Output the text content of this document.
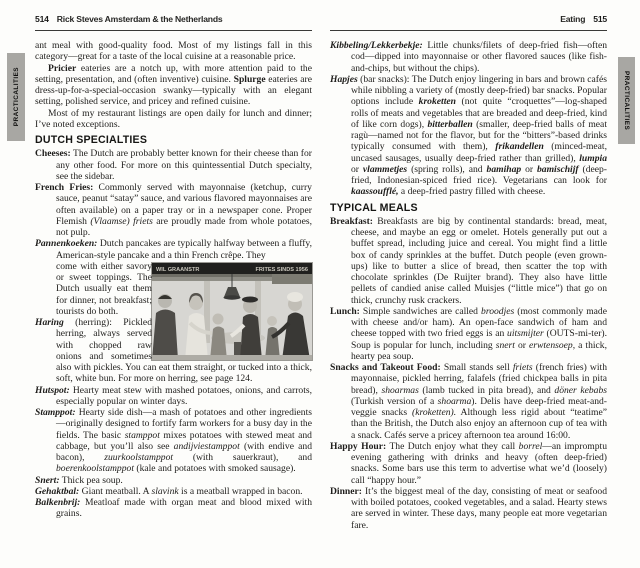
PRACTICALITIES	PRACTICALITIES
514 Rick Steves Amsterdam & the Netherlands

ant meal with good-quality food. Most of my listings fall in this category—great for a taste of the local cuisine at a reasonable price.

Pricier eateries are a notch up, with more attention paid to the setting, presentation, and (often inventive) cuisine. Splurge eateries are dress-up-for-a-special-occasion swanky—typically with an elegant setting, polished service, and pricey and refined cuisine.

Most of my restaurant listings are open daily for lunch and dinner; I’ve noted exceptions.

DUTCH SPECIALTIES

Cheeses: The Dutch are probably better known for their cheese than for any other food. For more on this quintessential Dutch specialty, see the sidebar.

French Fries: Commonly served with mayonnaise (ketchup, curry sauce, peanut “satay” sauce, and various flavored mayonnaises are often available) on a paper tray or in a newspaper cone. Proper Flemish (Vlaamse) friets are proudly made from whole potatoes, not pulp.

Pannenkoeken: Dutch pancakes are typically halfway between a fluffy, American-style pancake and a thin French crêpe. They

WIL GRAANSTR	FRITES SINDS 1956

come with either savory or sweet toppings. The Dutch usually eat them for dinner, not breakfast; tourists do both.

Haring (herring): Pickled herring, always served with chopped raw onions and sometimes also with pickles. You can eat them straight, or tucked into a thick, soft, white bun. For more on herring, see page 124.

Hutspot: Hearty meat stew with mashed potatoes, onions, and carrots, especially popular on winter days.

Stamppot: Hearty side dish—a mash of potatoes and other ingredients—originally designed to fortify farm workers for a busy day in the fields. The basic stamppot mixes potatoes with stewed meat and cabbage, but you’ll also see andijviestamppot (with endive and bacon), zuurkoolstamppot (with sauerkraut), and boerenkoolstamppot (kale and potatoes with smoked sausage).

Snert: Thick pea soup.

Gehaktbal: Giant meatball. A slavink is a meatball wrapped in bacon.

Balkenbrij: Meatloaf made with organ meat and blood mixed with grains.

Eating 515

Kibbeling/Lekkerbekje: Little chunks/filets of deep-fried fish—often cod—dipped into mayonnaise or other flavored sauces (like fish-and-chips, but without the chips).

Hapjes (bar snacks): The Dutch enjoy lingering in bars and brown cafés while nibbling a variety of (mostly deep-fried) bar snacks. Popular options include kroketten (not quite “croquettes”—log-shaped rolls of meats and vegetables that are breaded and deep-fried, kind of like corn dogs), bitterballen (smaller, deep-fried balls of meat ragù—named not for the flavor, but for the “bitters”-based drinks typically consumed with them), frikandellen (minced-meat, uncased sausages, usually deep-fried rather than grilled), lumpia or vlammetjes (spring rolls), and bamihap or bamischijf (deep-fried, Indonesian-spiced fried rice). Vegetarians can look for kaassoufflé, a deep-fried pastry filled with cheese.

TYPICAL MEALS

Breakfast: Breakfasts are big by continental standards: bread, meat, cheese, and maybe an egg or omelet. Hotels generally put out a buffet spread, including juice and cereal. You might find a little box of candy sprinkles at the buffet. Dutch people (even grown-ups) like to butter a slice of bread, then scatter the top with chocolate sprinkles (De Ruijter brand). They also have little pellets of candied anise called Muisjes (“little mice”) that go on thick, crunchy rusk crackers.

Lunch: Simple sandwiches are called broodjes (most commonly made with cheese and/or ham). An open-face sandwich of ham and cheese topped with two fried eggs is an uitsmijter (OUTS-mi-ter). Soup is popular for lunch, including snert or erwtensoep, a thick, hearty pea soup.

Snacks and Takeout Food: Small stands sell friets (french fries) with mayonnaise, pickled herring, falafels (fried chickpea balls in pita bread), shoarmas (lamb tucked in pita bread), and döner kebabs (Turkish version of a shoarma). Delis have deep-fried meat-and-veggie snacks (kroketten). Although less rigid about “teatime” than the British, the Dutch also enjoy an afternoon cup of tea with a snack. Cafés serve a pricey afternoon tea around 16:00.

Happy Hour: The Dutch enjoy what they call borrel—an impromptu evening gathering with drinks and heavy (often deep-fried) snacks. Some bars use this term to advertise what we’d (loosely) call “happy hour.”

Dinner: It’s the biggest meal of the day, consisting of meat or seafood with boiled potatoes, cooked vegetables, and a salad. Hearty stews are served in winter. These days, many people eat more vegetarian fare.
